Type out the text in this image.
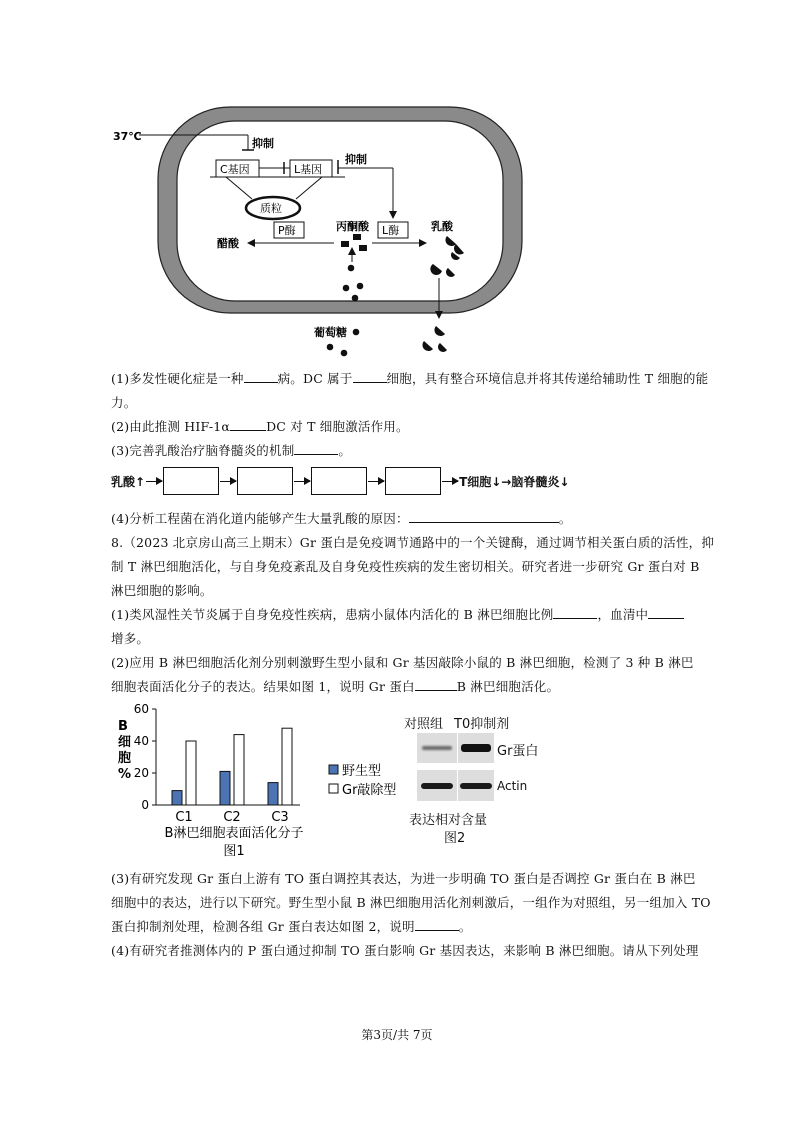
37℃
抑制
C基因	L基因
抑制
质粒
P酶
醋酸
丙酮酸 L酶	乳酸
葡萄糖
(1)多发性硬化症是一种	病。DC 属于	细胞，具有整合环境信息并将其传递给辅助性 T 细胞的能
力。
(2)由此推测 HIF-1α	DC 对 T 细胞激活作用。
(3)完善乳酸治疗脑脊髓炎的机制	。
乳酸↑	T细胞↓→脑脊髓炎↓
(4)分析工程菌在消化道内能够产生大量乳酸的原因：	。
8.（2023 北京房山高三上期末）Gr 蛋白是免疫调节通路中的一个关键酶，通过调节相关蛋白质的活性，抑
制 T 淋巴细胞活化，与自身免疫紊乱及自身免疫性疾病的发生密切相关。研究者进一步研究 Gr 蛋白对 B
淋巴细胞的影响。
(1)类风湿性关节炎属于自身免疫性疾病，患病小鼠体内活化的 B 淋巴细胞比例	，血清中
增多。
(2)应用 B 淋巴细胞活化剂分别刺激野生型小鼠和 Gr 基因敲除小鼠的 B 淋巴细胞，检测了 3 种 B 淋巴
细胞表面活化分子的表达。结果如图 1，说明 Gr 蛋白	B 淋巴细胞活化。
0
20
40
60
B
细
胞
%
C1 C2 C3
B淋巴细胞表面活化分子
图1
野生型
Gr敲除型
对照组 T0抑制剂
Gr蛋白
Actin
表达相对含量
图2
(3)有研究发现 Gr 蛋白上游有 TO 蛋白调控其表达，为进一步明确 TO 蛋白是否调控 Gr 蛋白在 B 淋巴
细胞中的表达，进行以下研究。野生型小鼠 B 淋巴细胞用活化剂刺激后，一组作为对照组，另一组加入 TO
蛋白抑制剂处理，检测各组 Gr 蛋白表达如图 2，说明	。
(4)有研究者推测体内的 P 蛋白通过抑制 TO 蛋白影响 Gr 基因表达，来影响 B 淋巴细胞。请从下列处理
第3页/共 7页
